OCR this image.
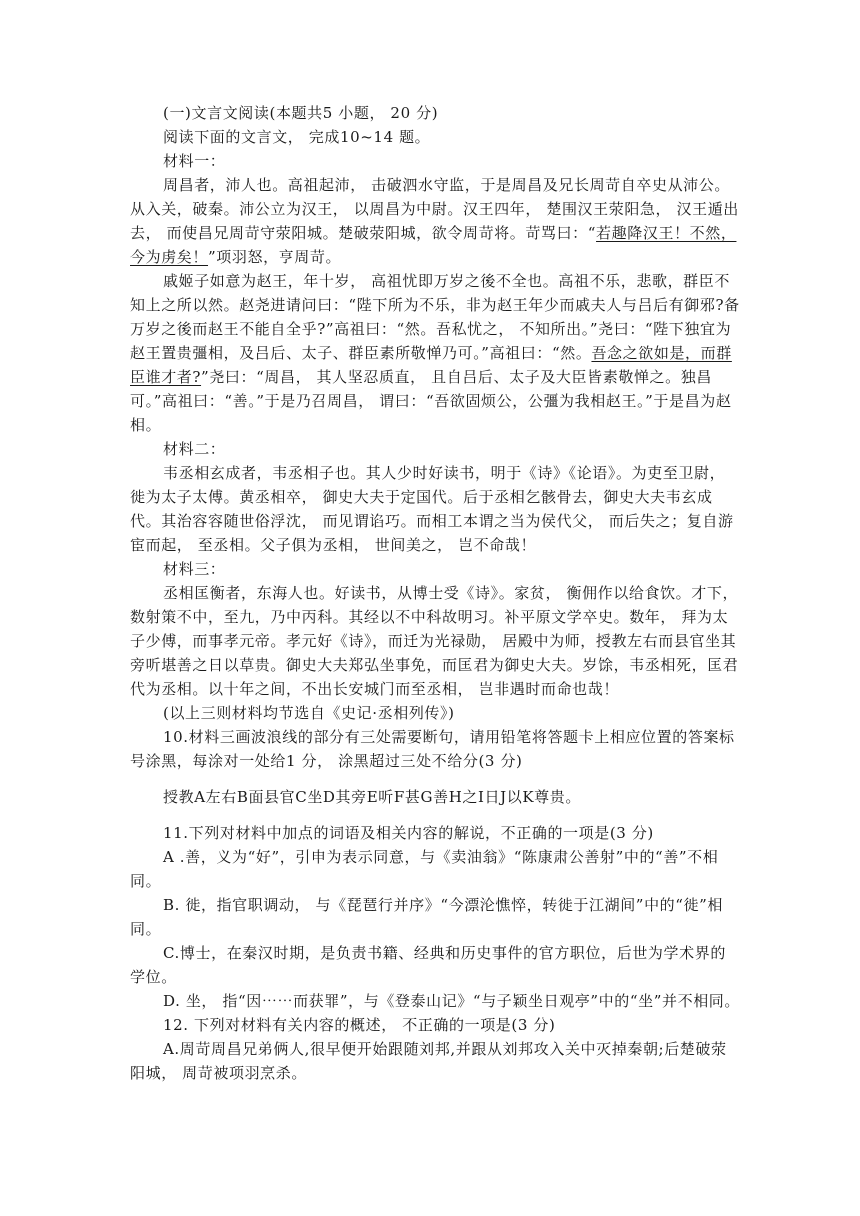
(一)文言文阅读(本题共5 小题， 20 分)

阅读下面的文言文， 完成10~14 题。

材料一：

周昌者，沛人也。高祖起沛， 击破泗水守监，于是周昌及兄长周苛自卒史从沛公。从入关，破秦。沛公立为汉王， 以周昌为中尉。汉王四年， 楚围汉王荥阳急， 汉王遁出去， 而使昌兄周苛守荥阳城。楚破荥阳城，欲令周苛将。苛骂曰：“若趣降汉王！不然，今为虏矣！”项羽怒，亨周苛。

戚姬子如意为赵王，年十岁， 高祖忧即万岁之後不全也。高祖不乐，悲歌，群臣不知上之所以然。赵尧进请问曰：“陛下所为不乐，非为赵王年少而戚夫人与吕后有御邪?备万岁之後而赵王不能自全乎?”高祖曰：“然。吾私忧之， 不知所出。”尧曰：“陛下独宜为赵王置贵彊相，及吕后、太子、群臣素所敬惮乃可。”高祖曰：“然。吾念之欲如是，而群臣谁才者?”尧曰：“周昌， 其人坚忍质直， 且自吕后、太子及大臣皆素敬惮之。独昌可。”高祖曰：“善。”于是乃召周昌， 谓曰：“吾欲固烦公，公彊为我相赵王。”于是昌为赵相。

材料二：

韦丞相玄成者，韦丞相子也。其人少时好读书，明于《诗》《论语》。为吏至卫尉，徙为太子太傅。黄丞相卒， 御史大夫于定国代。后于丞相乞骸骨去，御史大夫韦玄成代。其治容容随世俗浮沈， 而见谓谄巧。而相工本谓之当为侯代父， 而后失之；复自游宦而起， 至丞相。父子俱为丞相， 世间美之， 岂不命哉！

材料三：

丞相匡衡者，东海人也。好读书，从博士受《诗》。家贫， 衡佣作以给食饮。才下，数射策不中，至九，乃中丙科。其经以不中科故明习。补平原文学卒史。数年， 拜为太子少傅，而事孝元帝。孝元好《诗》，而迁为光禄勋， 居殿中为师，授教左右而县官坐其旁听堪善之日以草贵。御史大夫郑弘坐事免，而匡君为御史大夫。岁馀，韦丞相死，匡君代为丞相。以十年之间，不出长安城门而至丞相， 岂非遇时而命也哉！

(以上三则材料均节选自《史记·丞相列传》)

10.材料三画波浪线的部分有三处需要断句，请用铅笔将答题卡上相应位置的答案标号涂黑，每涂对一处给1 分， 涂黑超过三处不给分(3 分)

授教A左右B面县官C坐D其旁E听F甚G善H之I日J以K尊贵。

11.下列对材料中加点的词语及相关内容的解说，不正确的一项是(3 分)

A .善，义为“好”，引申为表示同意，与《卖油翁》“陈康肃公善射”中的“善”不相同。

B. 徙，指官职调动， 与《琵琶行并序》“今漂沦憔悴，转徙于江湖间”中的“徙”相同。

C.博士，在秦汉时期，是负责书籍、经典和历史事件的官方职位，后世为学术界的学位。

D. 坐， 指“因⋯⋯而获罪”，与《登泰山记》“与子颖坐日观亭”中的“坐”并不相同。

12. 下列对材料有关内容的概述， 不正确的一项是(3 分)

A.周苛周昌兄弟俩人,很早便开始跟随刘邦,并跟从刘邦攻入关中灭掉秦朝;后楚破荥阳城， 周苛被项羽烹杀。
